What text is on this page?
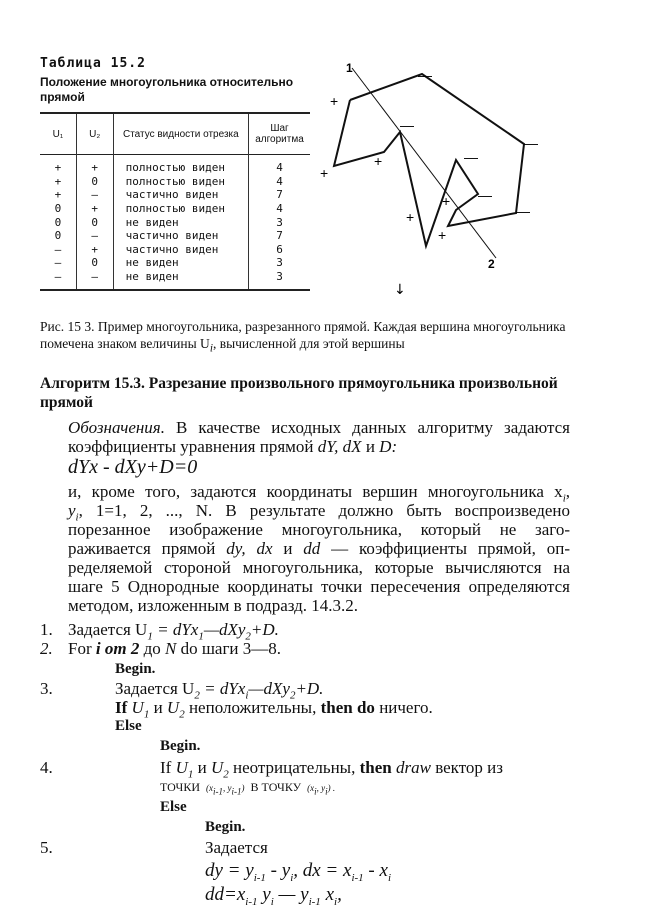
Таблица 15.2
Положение многоугольника относительно прямой
U₁	U₂	Статус видности отрезка	Шаг алгоритма
+	+	полностью виден	4
+	0	полностью виден	4
+	—	частично виден	7
0	+	полностью виден	4
0	0	не виден	3
0	—	частично виден	7
—	+	частично виден	6
—	0	не виден	3
—	—	не виден	3
1
2
+
—
+
—
+
—
—
+ —
+
+
—
↓
Рис. 15 3. Пример многоугольника, разрезанного прямой. Каждая вершина многоугольника помечена знаком величины $U_i$, вычисленной для этой вершины
Алгоритм 15.3. Разрезание произвольного прямоугольника произвольной прямой
Обозначения. В качестве исходных данных алгоритму задаются
коэффициенты уравнения прямой dY, dX и D:
dYx - dXy+D=0
и, кроме того, задаются координаты вершин многоугольника $x_i$,
$y_i$, 1=1, 2, ..., N. В результате должно быть воспроизведено
порезанное изображение многоугольника, который не заго-
раживается прямой dy, dx и dd — коэффициенты прямой, оп-
ределяемой стороной многоугольника, которые вычисляются на
шаге 5 Однородные координаты точки пересечения определяются
методом, изложенным в подразд. 14.3.2.
1. Задается $U_1$ = dYx$_1$—dXy$_2$+D.
2. For i от 2 до N do шаги 3—8.
Begin.
3.	Задается $U_2$ = dYx$_i$—dXy$_2$+D.
If $U_1$ и $U_2$ неположительны, then do ничего.
Else
Begin.
4.	If $U_1$ и $U_2$ неотрицательны, then draw вектор из
ТОЧКИ ($x_{i-1}$, $y_{i-1}$) В ТОЧКУ ($x_i$, $y_i$) .
Else
Begin.
5.	Задается
dy = $y_{i-1} - y_i$, dx = $x_{i-1} - x_i$
$dd=x_{i-1}$ $y_i$ — $y_{i-1}$ $x_i$,
